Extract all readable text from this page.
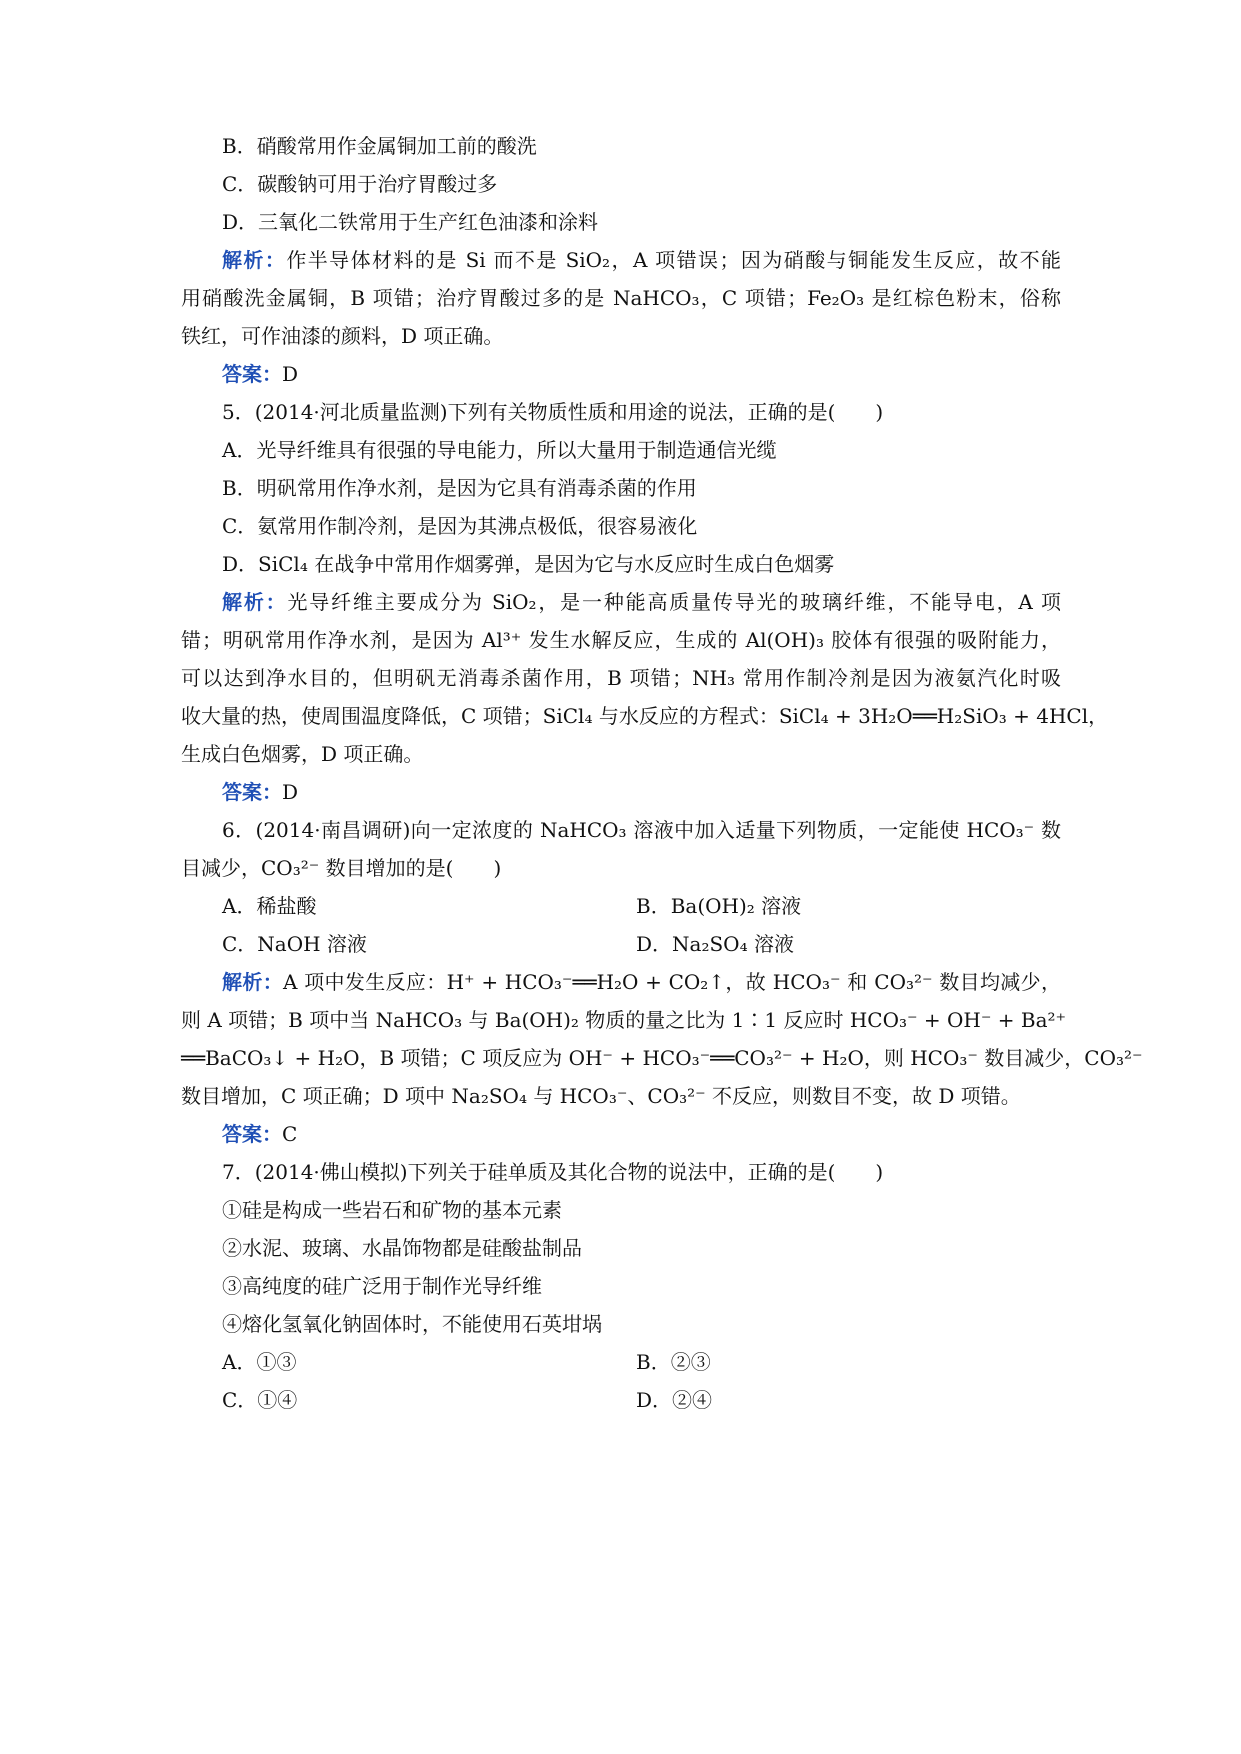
B．硝酸常用作金属铜加工前的酸洗
C．碳酸钠可用于治疗胃酸过多
D．三氧化二铁常用于生产红色油漆和涂料
解析：作半导体材料的是 Si 而不是 SiO₂，A 项错误；因为硝酸与铜能发生反应，故不能
用硝酸洗金属铜，B 项错；治疗胃酸过多的是 NaHCO₃，C 项错；Fe₂O₃ 是红棕色粉末，俗称
铁红，可作油漆的颜料，D 项正确。
答案：D
5．(2014·河北质量监测)下列有关物质性质和用途的说法，正确的是(　　)
A．光导纤维具有很强的导电能力，所以大量用于制造通信光缆
B．明矾常用作净水剂，是因为它具有消毒杀菌的作用
C．氨常用作制冷剂，是因为其沸点极低，很容易液化
D．SiCl₄ 在战争中常用作烟雾弹，是因为它与水反应时生成白色烟雾
解析：光导纤维主要成分为 SiO₂，是一种能高质量传导光的玻璃纤维，不能导电，A 项
错；明矾常用作净水剂，是因为 Al³⁺ 发生水解反应，生成的 Al(OH)₃ 胶体有很强的吸附能力，
可以达到净水目的，但明矾无消毒杀菌作用，B 项错；NH₃ 常用作制冷剂是因为液氨汽化时吸
收大量的热，使周围温度降低，C 项错；SiCl₄ 与水反应的方程式：SiCl₄ + 3H₂O══H₂SiO₃ + 4HCl，
生成白色烟雾，D 项正确。
答案：D
6．(2014·南昌调研)向一定浓度的 NaHCO₃ 溶液中加入适量下列物质，一定能使 HCO₃⁻ 数
目减少，CO₃²⁻ 数目增加的是(　　)
A．稀盐酸	B．Ba(OH)₂ 溶液
C．NaOH 溶液	D．Na₂SO₄ 溶液
解析：A 项中发生反应：H⁺ + HCO₃⁻══H₂O + CO₂↑，故 HCO₃⁻ 和 CO₃²⁻ 数目均减少，
则 A 项错；B 项中当 NaHCO₃ 与 Ba(OH)₂ 物质的量之比为 1∶1 反应时 HCO₃⁻ + OH⁻ + Ba²⁺
══BaCO₃↓ + H₂O，B 项错；C 项反应为 OH⁻ + HCO₃⁻══CO₃²⁻ + H₂O，则 HCO₃⁻ 数目减少，CO₃²⁻
数目增加，C 项正确；D 项中 Na₂SO₄ 与 HCO₃⁻、CO₃²⁻ 不反应，则数目不变，故 D 项错。
答案：C
7．(2014·佛山模拟)下列关于硅单质及其化合物的说法中，正确的是(　　)
①硅是构成一些岩石和矿物的基本元素
②水泥、玻璃、水晶饰物都是硅酸盐制品
③高纯度的硅广泛用于制作光导纤维
④熔化氢氧化钠固体时，不能使用石英坩埚
A．①③	B．②③
C．①④	D．②④
